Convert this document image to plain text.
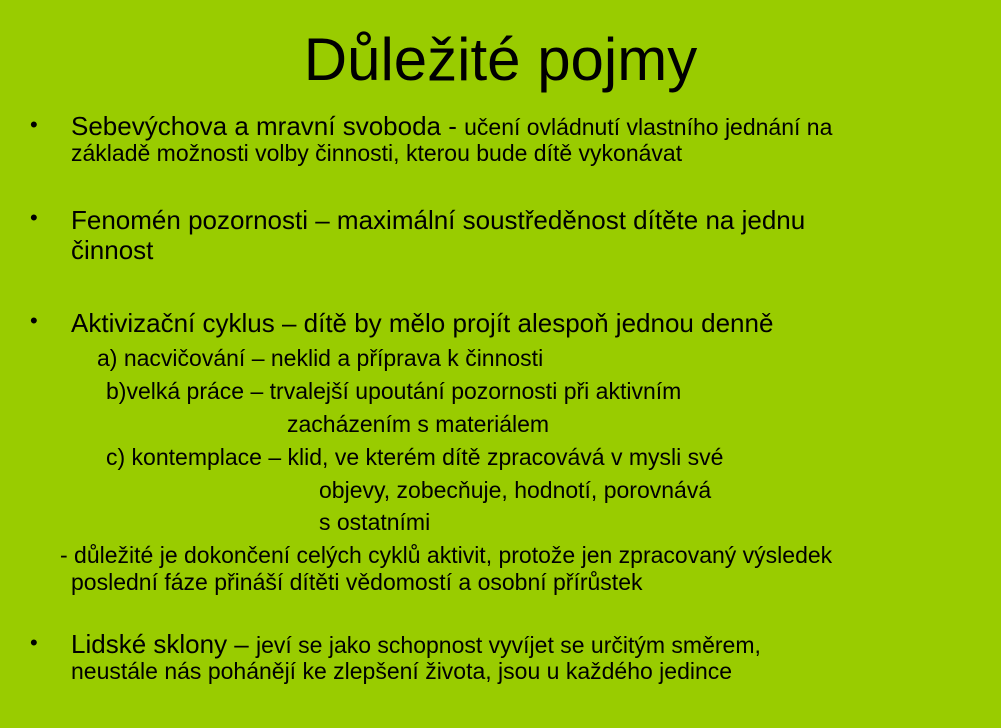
Důležité pojmy
• Sebevýchova a mravní svoboda - učení ovládnutí vlastního jednání na
základě možnosti volby činnosti, kterou bude dítě vykonávat
• Fenomén pozornosti – maximální soustředěnost dítěte na jednu
činnost
• Aktivizační cyklus – dítě by mělo projít alespoň jednou denně
a) nacvičování – neklid a příprava k činnosti
b)velká práce – trvalejší upoutání pozornosti při aktivním
zacházením s materiálem
c) kontemplace – klid, ve kterém dítě zpracovává v mysli své
objevy, zobecňuje, hodnotí, porovnává
s ostatními
- důležité je dokončení celých cyklů aktivit, protože jen zpracovaný výsledek
poslední fáze přináší dítěti vědomostí a osobní přírůstek
• Lidské sklony – jeví se jako schopnost vyvíjet se určitým směrem,
neustále nás pohánějí ke zlepšení života, jsou u každého jedince
